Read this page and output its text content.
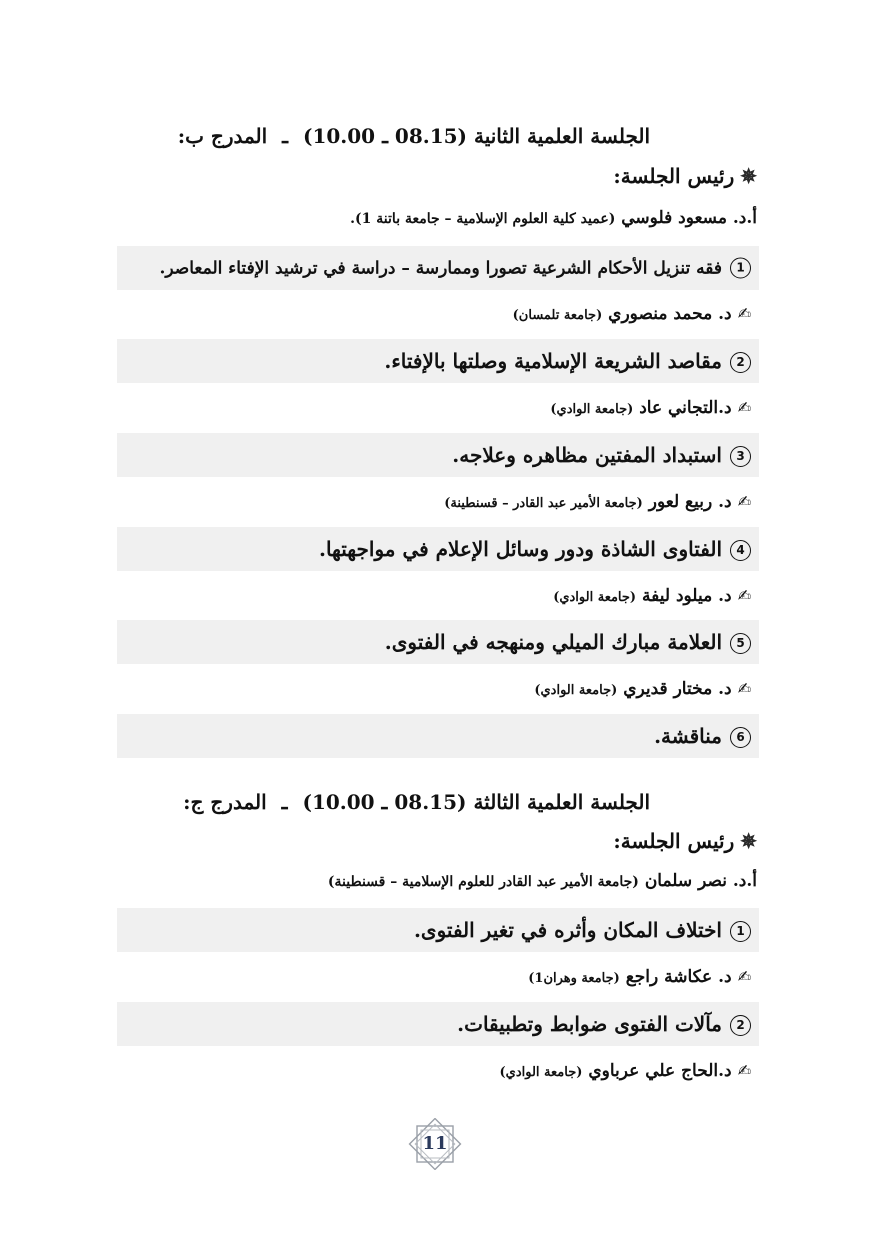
الجلسة العلمية الثانية (08.15 ـ 10.00) ـ المدرج ب:
✵رئيس الجلسة:
أ.د. مسعود فلوسي (عميد كلية العلوم الإسلامية – جامعة باتنة 1).
1فقه تنزيل الأحكام الشرعية تصورا وممارسة – دراسة في ترشيد الإفتاء المعاصر.
✍د. محمد منصوري (جامعة تلمسان)
2مقاصد الشريعة الإسلامية وصلتها بالإفتاء.
✍د.التجاني عاد (جامعة الوادي)
3استبداد المفتين مظاهره وعلاجه.
✍د. ربيع لعور (جامعة الأمير عبد القادر – قسنطينة)
4الفتاوى الشاذة ودور وسائل الإعلام في مواجهتها.
✍د. ميلود ليفة (جامعة الوادي)
5العلامة مبارك الميلي ومنهجه في الفتوى.
✍د. مختار قديري (جامعة الوادي)
6مناقشة.
الجلسة العلمية الثالثة (08.15 ـ 10.00) ـ المدرج ج:
✵رئيس الجلسة:
أ.د. نصر سلمان (جامعة الأمير عبد القادر للعلوم الإسلامية – قسنطينة)
1اختلاف المكان وأثره في تغير الفتوى.
✍د. عكاشة راجع (جامعة وهران1)
2مآلات الفتوى ضوابط وتطبيقات.
✍د.الحاج علي عرباوي (جامعة الوادي)
11
